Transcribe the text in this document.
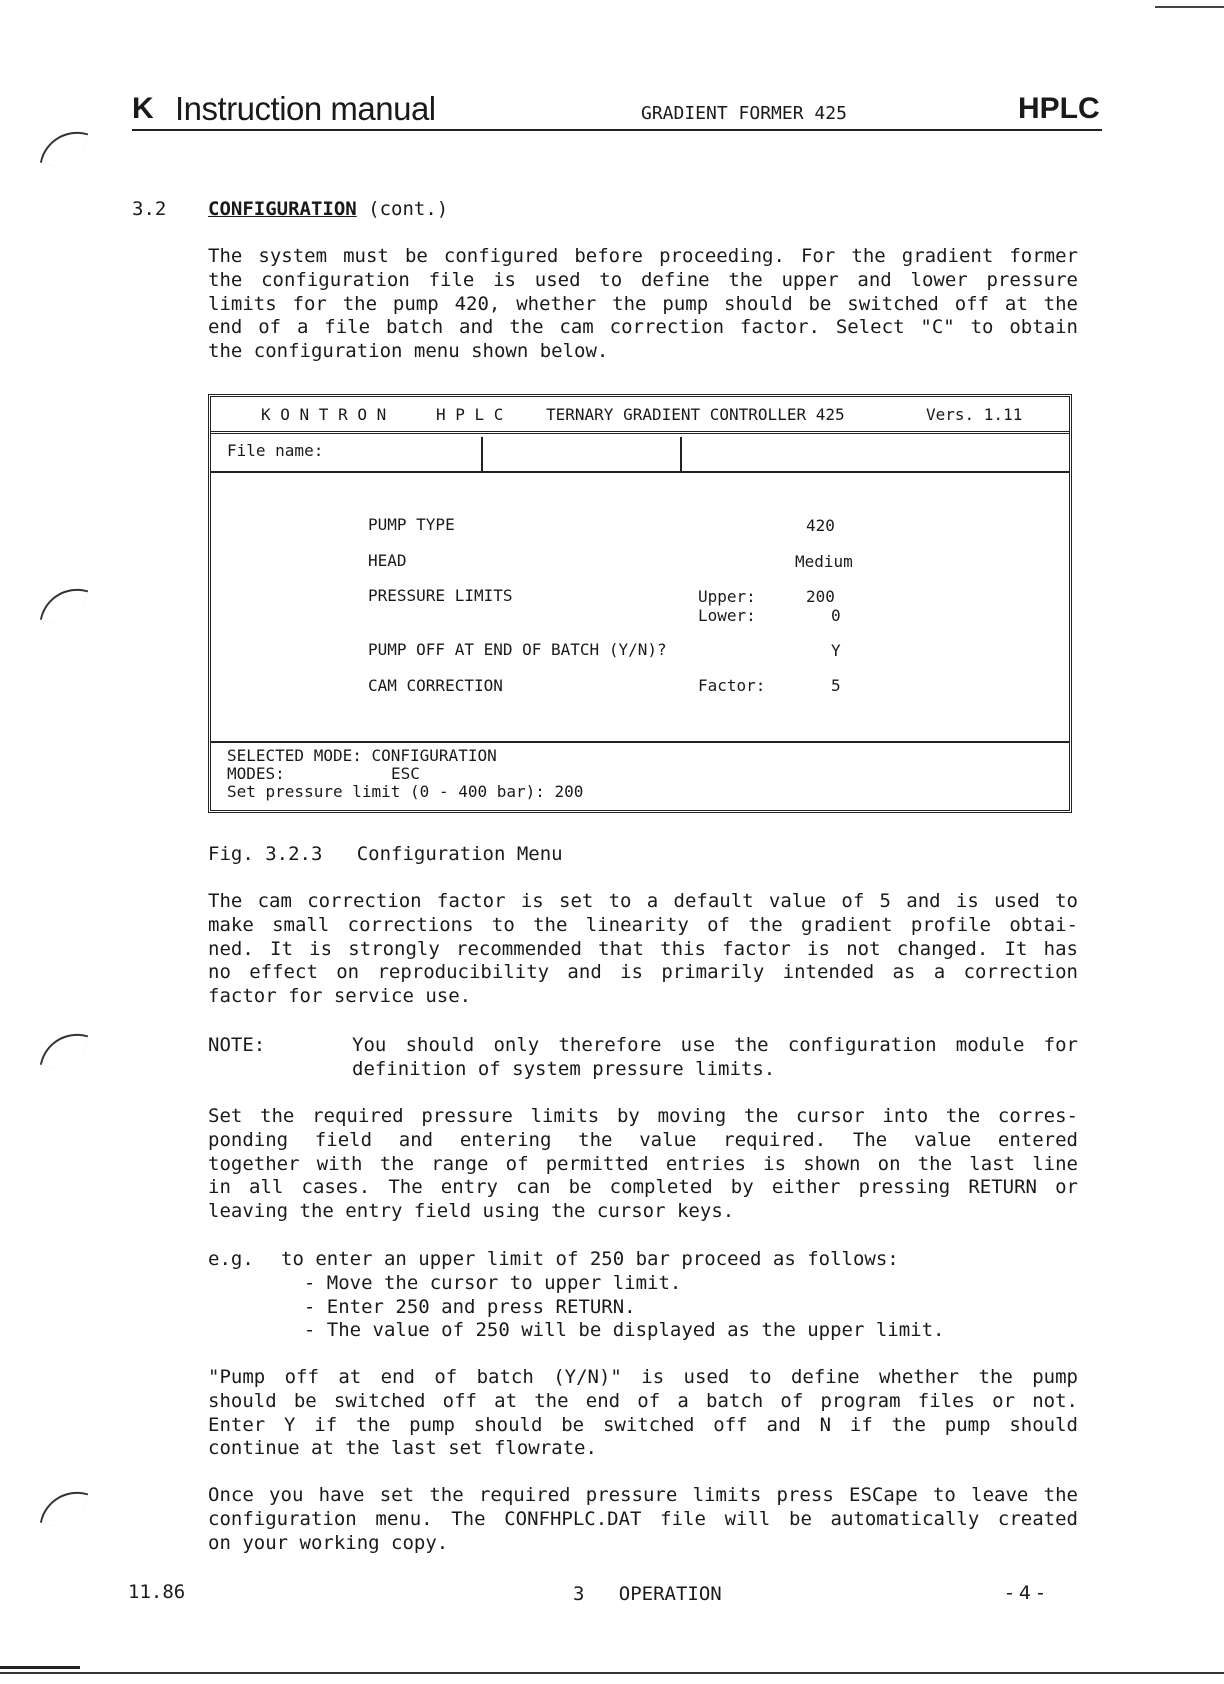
K Instruction manual	GRADIENT FORMER 425	HPLC
3.2 CONFIGURATION (cont.)
The system must be configured before proceeding. For the gradient former
the configuration file is used to define the upper and lower pressure
limits for the pump 420, whether the pump should be switched off at the
end of a file batch and the cam correction factor. Select "C" to obtain
the configuration menu shown below.
K O N T R O N	H P L C	TERNARY GRADIENT CONTROLLER 425	Vers. 1.11
File name:
PUMP TYPE	420
HEAD	Medium
PRESSURE LIMITS	Upper:	200
Lower:	0
PUMP OFF AT END OF BATCH (Y/N)?	Y
CAM CORRECTION	Factor:	5
SELECTED MODE: CONFIGURATION
MODES:	ESC
Set pressure limit (0 - 400 bar): 200
Fig. 3.2.3   Configuration Menu
The cam correction factor is set to a default value of 5 and is used to
make small corrections to the linearity of the gradient profile obtai-
ned. It is strongly recommended that this factor is not changed. It has
no effect on reproducibility and is primarily intended as a correction
factor for service use.
NOTE:	You should only therefore use the configuration module for
definition of system pressure limits.
Set the required pressure limits by moving the cursor into the corres-
ponding field and entering the value required. The value entered
together with the range of permitted entries is shown on the last line
in all cases. The entry can be completed by either pressing RETURN or
leaving the entry field using the cursor keys.
e.g. to enter an upper limit of 250 bar proceed as follows:
- Move the cursor to upper limit.
- Enter 250 and press RETURN.
- The value of 250 will be displayed as the upper limit.
"Pump off at end of batch (Y/N)" is used to define whether the pump
should be switched off at the end of a batch of program files or not.
Enter Y if the pump should be switched off and N if the pump should
continue at the last set flowrate.
Once you have set the required pressure limits press ESCape to leave the
configuration menu. The CONFHPLC.DAT file will be automatically created
on your working copy.
11.86	3   OPERATION	- 4 -
